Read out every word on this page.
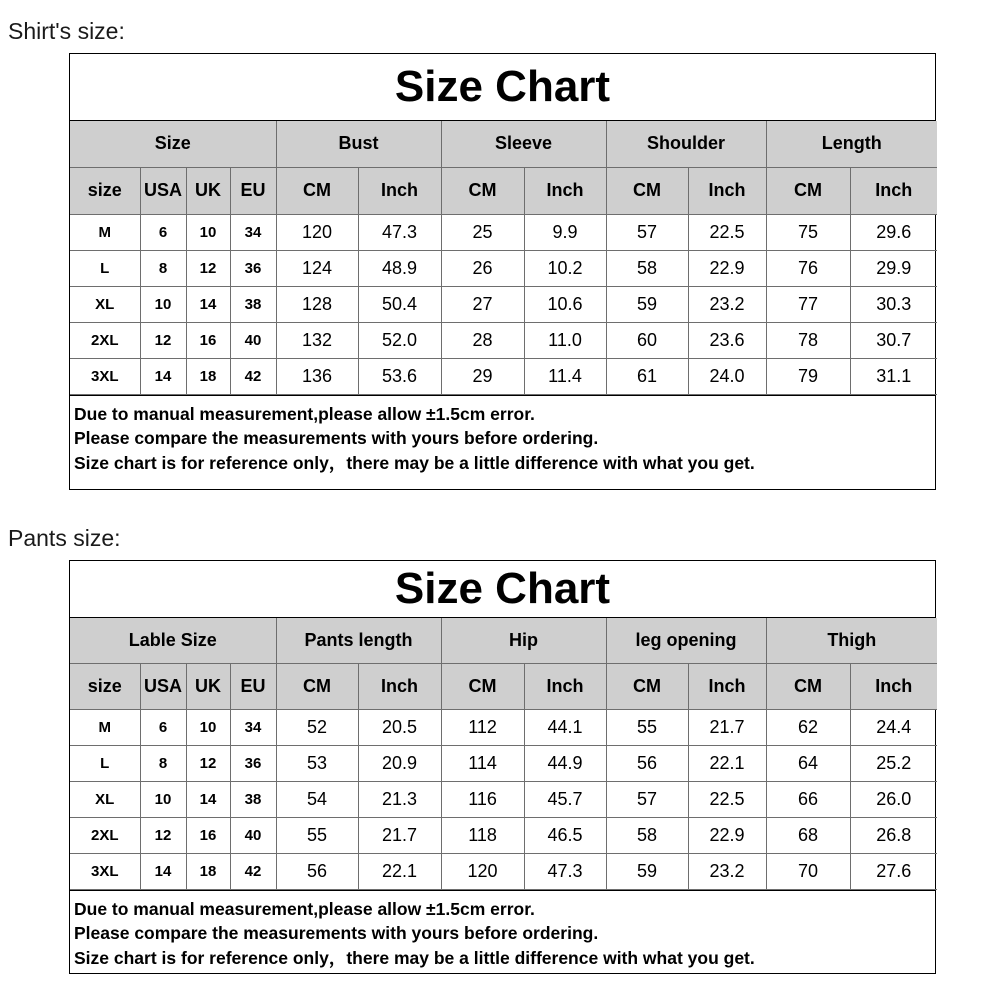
Shirt's size:
Size Chart
Size				Bust		Sleeve		Shoulder		Length	
size	USA	UK	EU	CM	Inch	CM	Inch	CM	Inch	CM	Inch
M	6	10	34	120	47.3	25	9.9	57	22.5	75	29.6
L	8	12	36	124	48.9	26	10.2	58	22.9	76	29.9
XL	10	14	38	128	50.4	27	10.6	59	23.2	77	30.3
2XL	12	16	40	132	52.0	28	11.0	60	23.6	78	30.7
3XL	14	18	42	136	53.6	29	11.4	61	24.0	79	31.1
Due to manual measurement,please allow ±1.5cm error.
Please compare the measurements with yours before ordering.
Size chart is for reference only，there may be a little difference with what you get.
Pants size:
Size Chart
Lable Size				Pants length		Hip		leg opening		Thigh	
size	USA	UK	EU	CM	Inch	CM	Inch	CM	Inch	CM	Inch
M	6	10	34	52	20.5	112	44.1	55	21.7	62	24.4
L	8	12	36	53	20.9	114	44.9	56	22.1	64	25.2
XL	10	14	38	54	21.3	116	45.7	57	22.5	66	26.0
2XL	12	16	40	55	21.7	118	46.5	58	22.9	68	26.8
3XL	14	18	42	56	22.1	120	47.3	59	23.2	70	27.6
Due to manual measurement,please allow ±1.5cm error.
Please compare the measurements with yours before ordering.
Size chart is for reference only，there may be a little difference with what you get.
